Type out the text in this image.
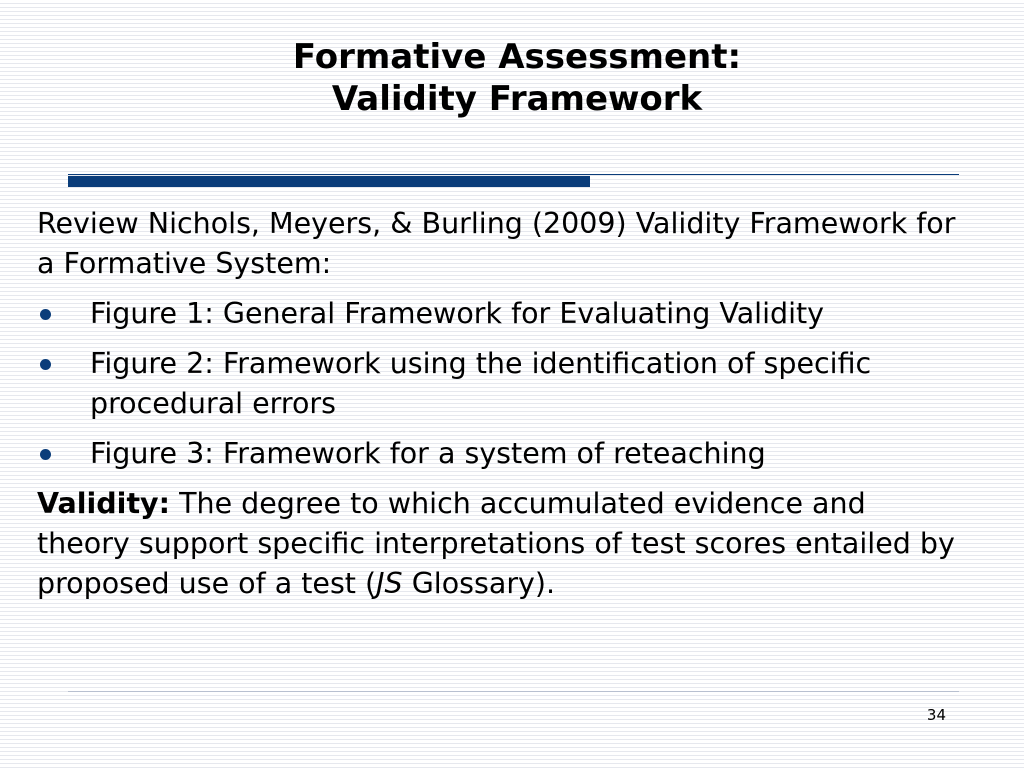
Formative Assessment:
Validity Framework

Review Nichols, Meyers, & Burling (2009) Validity Framework for a Formative System:

Figure 1: General Framework for Evaluating Validity
Figure 2: Framework using the identification of specific procedural errors
Figure 3: Framework for a system of reteaching

Validity: The degree to which accumulated evidence and theory support specific interpretations of test scores entailed by proposed use of a test (JS Glossary).

34
